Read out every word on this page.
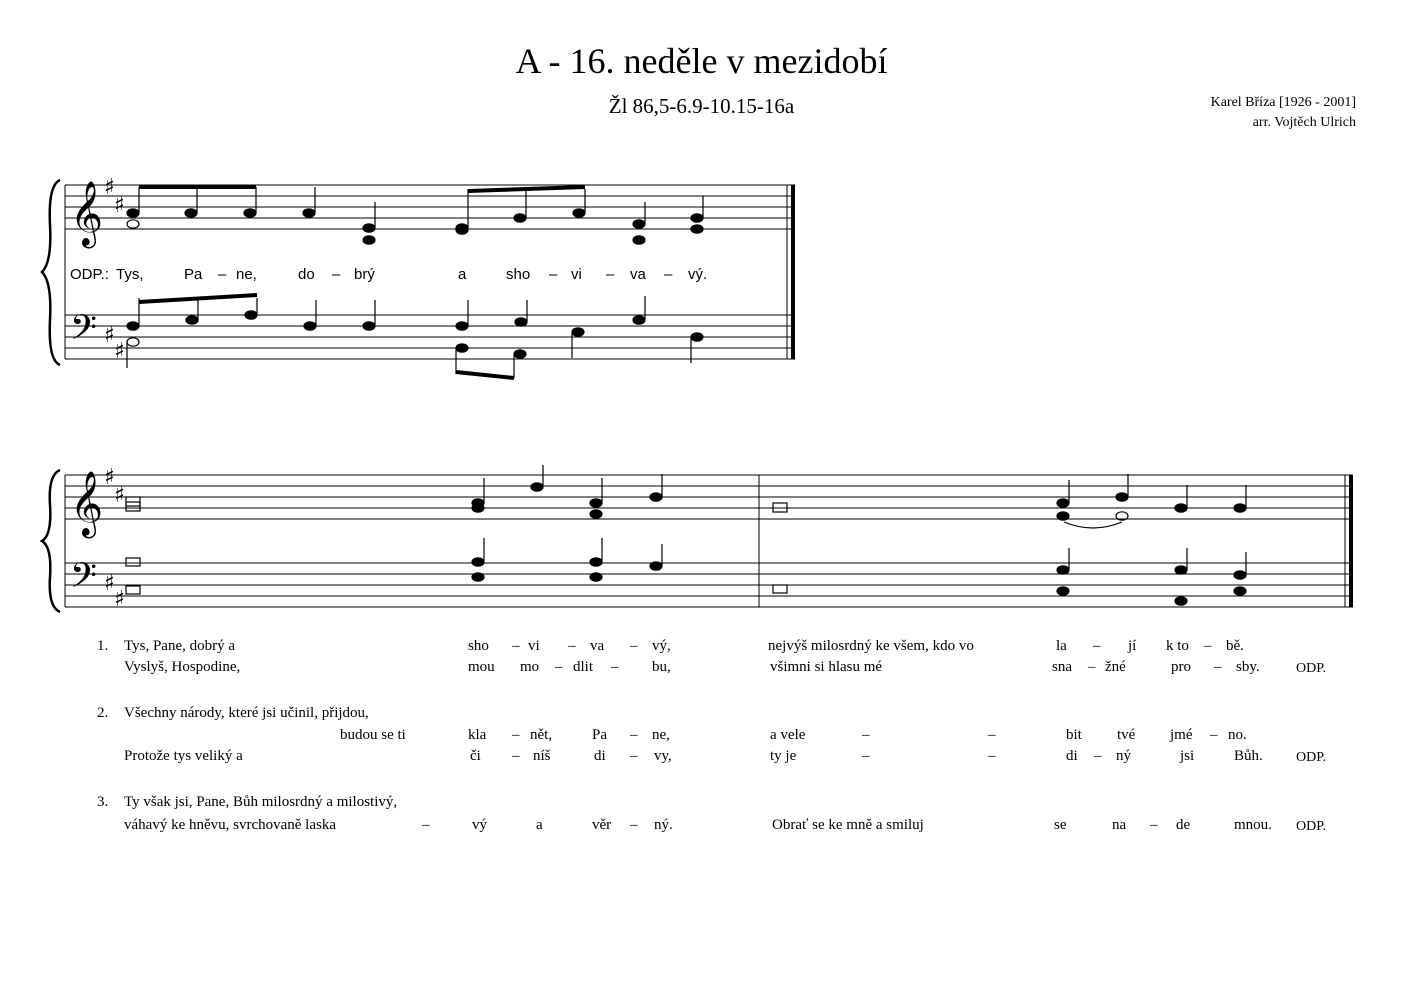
A - 16. neděle v mezidobí
Žl 86,5-6.9-10.15-16a	Karel Bříza [1926 - 2001]
arr. Vojtěch Ulrich
𝄞
𝄢
𝄞
𝄢
♯
♯
♯
♯
♯
♯
♯
♯
ODP.: Tys,	Pa – ne,	do – brý	a	sho – vi – va – vý.
1. Tys, Pane, dobrý a	sho – vi – va – vý,	nejvýš milosrdný ke všem, kdo vo	la – jí k to – bě.
Vyslyš, Hospodine,	mou mo – dlit – bu,	všimni si hlasu mé	sna – žné	pro – sby.	ODP.
2. Všechny národy, které jsi učinil, přijdou,
budou se ti	kla – nět,	Pa – ne,	a vele	–	–	bit tvé jmé – no.
Protože tys veliký a	či – níš	di – vy,	ty je	–	–	di – ný	jsi	Bůh. ODP.
3. Ty však jsi, Pane, Bůh milosrdný a milostivý,
váhavý ke hněvu, svrchovaně laska	–	vý	a	věr – ný.	Obrať se ke mně a smiluj	se	na – de	mnou. ODP.
